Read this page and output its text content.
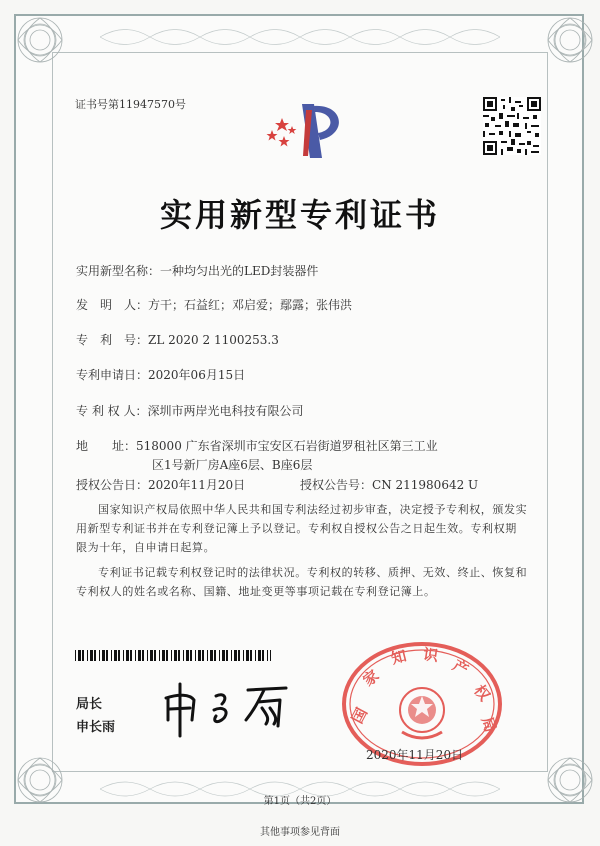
证书号第11947570号
实用新型专利证书
实用新型名称：一种均匀出光的LED封装器件
发　明　人：方干；石益红；邓启爱；鄢露；张伟洪
专　利　号：ZL 2020 2 1100253.3
专利申请日：2020年06月15日
专 利 权 人：深圳市两岸光电科技有限公司
地　　址：518000 广东省深圳市宝安区石岩街道罗租社区第三工业
区1号新厂房A座6层、B座6层
授权公告日：2020年11月20日	授权公告号：CN 211980642 U
国家知识产权局依照中华人民共和国专利法经过初步审查，决定授予专利权，颁发实用新型专利证书并在专利登记簿上予以登记。专利权自授权公告之日起生效。专利权期限为十年，自申请日起算。
专利证书记载专利权登记时的法律状况。专利权的转移、质押、无效、终止、恢复和专利权人的姓名或名称、国籍、地址变更等事项记载在专利登记簿上。
局长
申长雨
国
家
知 识
产
权
局
2020年11月20日
第1页（共2页）
其他事项参见背面
